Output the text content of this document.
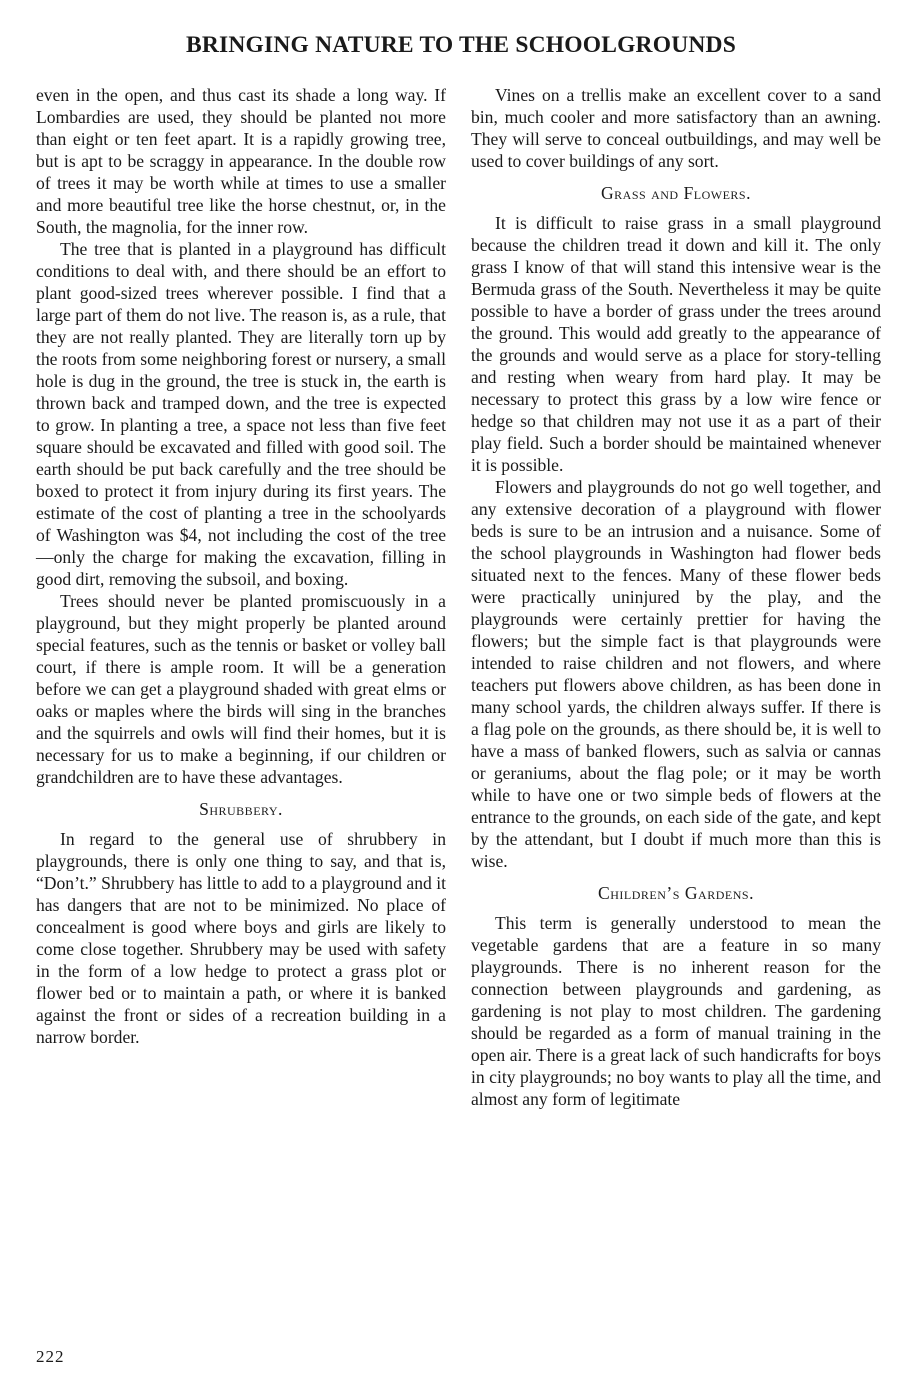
BRINGING NATURE TO THE SCHOOLGROUNDS

even in the open, and thus cast its shade a long way. If Lombardies are used, they should be planted noι more than eight or ten feet apart. It is a rapidly growing tree, but is apt to be scraggy in appearance. In the double row of trees it may be worth while at times to use a smaller and more beautiful tree like the horse chestnut, or, in the South, the magnolia, for the inner row.

The tree that is planted in a playground has difficult conditions to deal with, and there should be an effort to plant good-sized trees wherever possible. I find that a large part of them do not live. The reason is, as a rule, that they are not really planted. They are literally torn up by the roots from some neighboring forest or nursery, a small hole is dug in the ground, the tree is stuck in, the earth is thrown back and tramped down, and the tree is expected to grow. In planting a tree, a space not less than five feet square should be excavated and filled with good soil. The earth should be put back carefully and the tree should be boxed to protect it from injury during its first years. The estimate of the cost of planting a tree in the schoolyards of Washington was $4, not including the cost of the tree—only the charge for making the excavation, filling in good dirt, removing the subsoil, and boxing.

Trees should never be planted promiscuously in a playground, but they might properly be planted around special features, such as the tennis or basket or volley ball court, if there is ample room. It will be a generation before we can get a playground shaded with great elms or oaks or maples where the birds will sing in the branches and the squirrels and owls will find their homes, but it is necessary for us to make a beginning, if our children or grandchildren are to have these advantages.

Shrubbery.

In regard to the general use of shrubbery in playgrounds, there is only one thing to say, and that is, “Don’t.” Shrubbery has little to add to a playground and it has dangers that are not to be minimized. No place of concealment is good where boys and girls are likely to come close together. Shrubbery may be used with safety in the form of a low hedge to protect a grass plot or flower bed or to maintain a path, or where it is banked against the front or sides of a recreation building in a narrow border.

Vines on a trellis make an excellent cover to a sand bin, much cooler and more satisfactory than an awning. They will serve to conceal outbuildings, and may well be used to cover buildings of any sort.

Grass and Flowers.

It is difficult to raise grass in a small playground because the children tread it down and kill it. The only grass I know of that will stand this intensive wear is the Bermuda grass of the South. Nevertheless it may be quite possible to have a border of grass under the trees around the ground. This would add greatly to the appearance of the grounds and would serve as a place for story-telling and resting when weary from hard play. It may be necessary to protect this grass by a low wire fence or hedge so that children may not use it as a part of their play field. Such a border should be maintained whenever it is possible.

Flowers and playgrounds do not go well together, and any extensive decoration of a playground with flower beds is sure to be an intrusion and a nuisance. Some of the school playgrounds in Washington had flower beds situated next to the fences. Many of these flower beds were practically uninjured by the play, and the playgrounds were certainly prettier for having the flowers; but the simple fact is that playgrounds were intended to raise children and not flowers, and where teachers put flowers above children, as has been done in many school yards, the children always suffer. If there is a flag pole on the grounds, as there should be, it is well to have a mass of banked flowers, such as salvia or cannas or geraniums, about the flag pole; or it may be worth while to have one or two simple beds of flowers at the entrance to the grounds, on each side of the gate, and kept by the attendant, but I doubt if much more than this is wise.

Children’s Gardens.

This term is generally understood to mean the vegetable gardens that are a feature in so many playgrounds. There is no inherent reason for the connection between playgrounds and gardening, as gardening is not play to most children. The gardening should be regarded as a form of manual training in the open air. There is a great lack of such handicrafts for boys in city playgrounds; no boy wants to play all the time, and almost any form of legitimate

222
